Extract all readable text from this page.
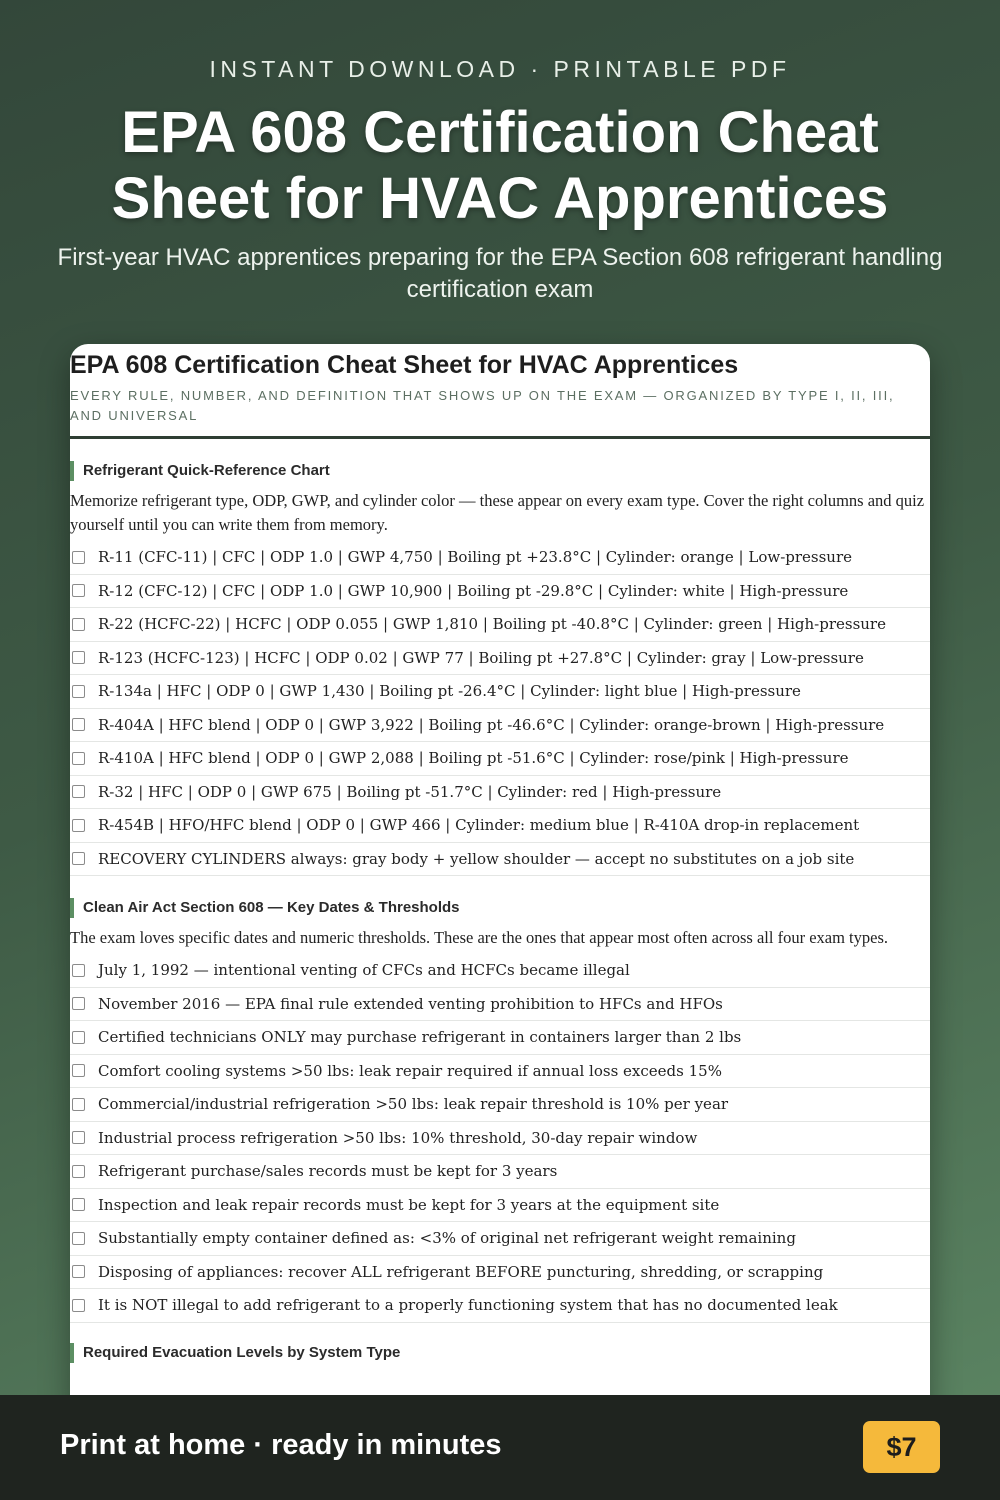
INSTANT DOWNLOAD · PRINTABLE PDF
EPA 608 Certification Cheat Sheet for HVAC Apprentices

First-year HVAC apprentices preparing for the EPA Section 608 refrigerant handling certification exam

EPA 608 Certification Cheat Sheet for HVAC Apprentices

EVERY RULE, NUMBER, AND DEFINITION THAT SHOWS UP ON THE EXAM — ORGANIZED BY TYPE I, II, III, AND UNIVERSAL

Refrigerant Quick-Reference Chart

Memorize refrigerant type, ODP, GWP, and cylinder color — these appear on every exam type. Cover the right columns and quiz yourself until you can write them from memory.

R-11 (CFC-11) | CFC | ODP 1.0 | GWP 4,750 | Boiling pt +23.8°C | Cylinder: orange | Low-pressure
R-12 (CFC-12) | CFC | ODP 1.0 | GWP 10,900 | Boiling pt -29.8°C | Cylinder: white | High-pressure
R-22 (HCFC-22) | HCFC | ODP 0.055 | GWP 1,810 | Boiling pt -40.8°C | Cylinder: green | High-pressure
R-123 (HCFC-123) | HCFC | ODP 0.02 | GWP 77 | Boiling pt +27.8°C | Cylinder: gray | Low-pressure
R-134a | HFC | ODP 0 | GWP 1,430 | Boiling pt -26.4°C | Cylinder: light blue | High-pressure
R-404A | HFC blend | ODP 0 | GWP 3,922 | Boiling pt -46.6°C | Cylinder: orange-brown | High-pressure
R-410A | HFC blend | ODP 0 | GWP 2,088 | Boiling pt -51.6°C | Cylinder: rose/pink | High-pressure
R-32 | HFC | ODP 0 | GWP 675 | Boiling pt -51.7°C | Cylinder: red | High-pressure
R-454B | HFO/HFC blend | ODP 0 | GWP 466 | Cylinder: medium blue | R-410A drop-in replacement
RECOVERY CYLINDERS always: gray body + yellow shoulder — accept no substitutes on a job site
Clean Air Act Section 608 — Key Dates & Thresholds

The exam loves specific dates and numeric thresholds. These are the ones that appear most often across all four exam types.

July 1, 1992 — intentional venting of CFCs and HCFCs became illegal
November 2016 — EPA final rule extended venting prohibition to HFCs and HFOs
Certified technicians ONLY may purchase refrigerant in containers larger than 2 lbs
Comfort cooling systems >50 lbs: leak repair required if annual loss exceeds 15%
Commercial/industrial refrigeration >50 lbs: leak repair threshold is 10% per year
Industrial process refrigeration >50 lbs: 10% threshold, 30-day repair window
Refrigerant purchase/sales records must be kept for 3 years
Inspection and leak repair records must be kept for 3 years at the equipment site
Substantially empty container defined as: <3% of original net refrigerant weight remaining
Disposing of appliances: recover ALL refrigerant BEFORE puncturing, shredding, or scrapping
It is NOT illegal to add refrigerant to a properly functioning system that has no documented leak
Required Evacuation Levels by System Type
Print at home · ready in minutes	$7
